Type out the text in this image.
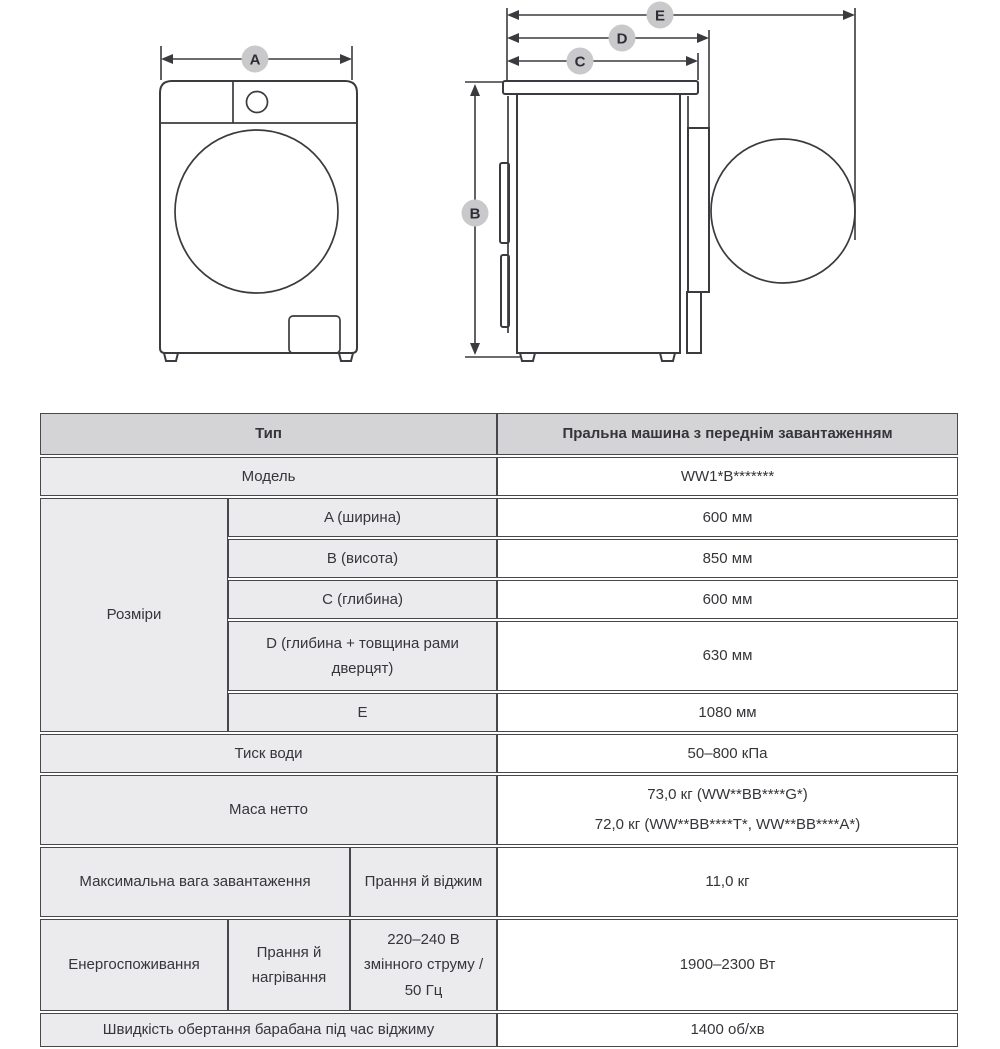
A
E
D
C
B
Тип			Пральна машина з переднім завантаженням
Модель			WW1*B*******
Розміри	A (ширина)		600 мм
	B (висота)		850 мм
	C (глибина)		600 мм
	D (глибина + товщина рами дверцят)		630 мм
	E		1080 мм
Тиск води			50–800 кПа
Маса нетто			73,0 кг (WW**BB****G*)
72,0 кг (WW**BB****T*, WW**BB****A*)

Максимальна вага завантаження		Прання й віджим	11,0 кг
Енергоспоживання	Прання й нагрівання	220–240 В змінного струму / 50 Гц	1900–2300 Вт
Швидкість обертання барабана під час віджиму			1400 об/хв
